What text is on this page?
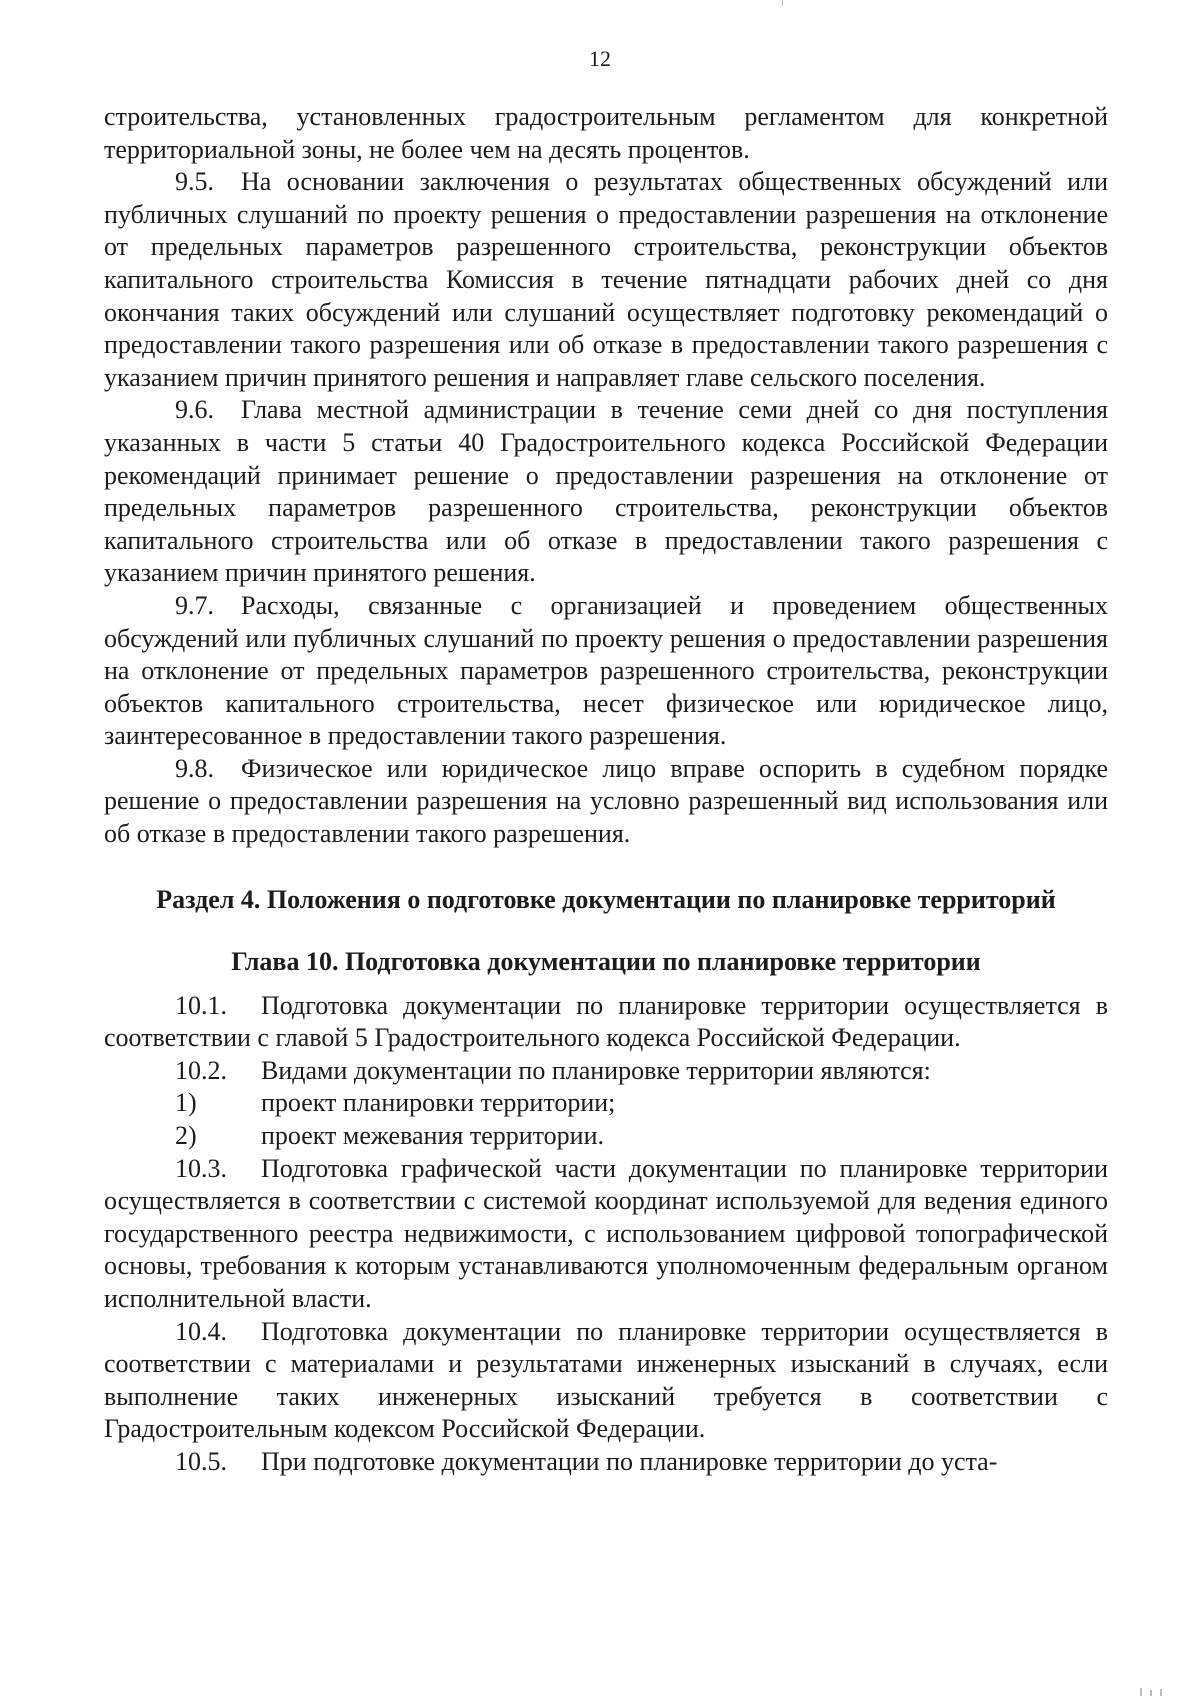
12

строительства, установленных градостроительным регламентом для конкретной территориальной зоны, не более чем на десять процентов.

9.5. На основании заключения о результатах общественных обсуждений или публичных слушаний по проекту решения о предоставлении разрешения на отклонение от предельных параметров разрешенного строительства, реконструкции объектов капитального строительства Комиссия в течение пятнадцати рабочих дней со дня окончания таких обсуждений или слушаний осуществляет подготовку рекомендаций о предоставлении такого разрешения или об отказе в предоставлении такого разрешения с указанием причин принятого решения и направляет главе сельского поселения.

9.6. Глава местной администрации в течение семи дней со дня поступления указанных в части 5 статьи 40 Градостроительного кодекса Российской Федерации рекомендаций принимает решение о предоставлении разрешения на отклонение от предельных параметров разрешенного строительства, реконструкции объектов капитального строительства или об отказе в предоставлении такого разрешения с указанием причин принятого решения.

9.7. Расходы, связанные с организацией и проведением общественных обсуждений или публичных слушаний по проекту решения о предоставлении разрешения на отклонение от предельных параметров разрешенного строительства, реконструкции объектов капитального строительства, несет физическое или юридическое лицо, заинтересованное в предоставлении такого разрешения.

9.8. Физическое или юридическое лицо вправе оспорить в судебном порядке решение о предоставлении разрешения на условно разрешенный вид использования или об отказе в предоставлении такого разрешения.

Раздел 4. Положения о подготовке документации по планировке территорий
Глава 10. Подготовка документации по планировке территории

10.1. Подготовка документации по планировке территории осуществляется в соответствии с главой 5 Градостроительного кодекса Российской Федерации.

10.2. Видами документации по планировке территории являются:

1) проект планировки территории;

2) проект межевания территории.

10.3. Подготовка графической части документации по планировке территории осуществляется в соответствии с системой координат используемой для ведения единого государственного реестра недвижимости, с использованием цифровой топографической основы, требования к которым устанавливаются уполномоченным федеральным органом исполнительной власти.

10.4. Подготовка документации по планировке территории осуществляется в соответствии с материалами и результатами инженерных изысканий в случаях, если выполнение таких инженерных изысканий требуется в соответствии с Градостроительным кодексом Российской Федерации.

10.5. При подготовке документации по планировке территории до уста-
